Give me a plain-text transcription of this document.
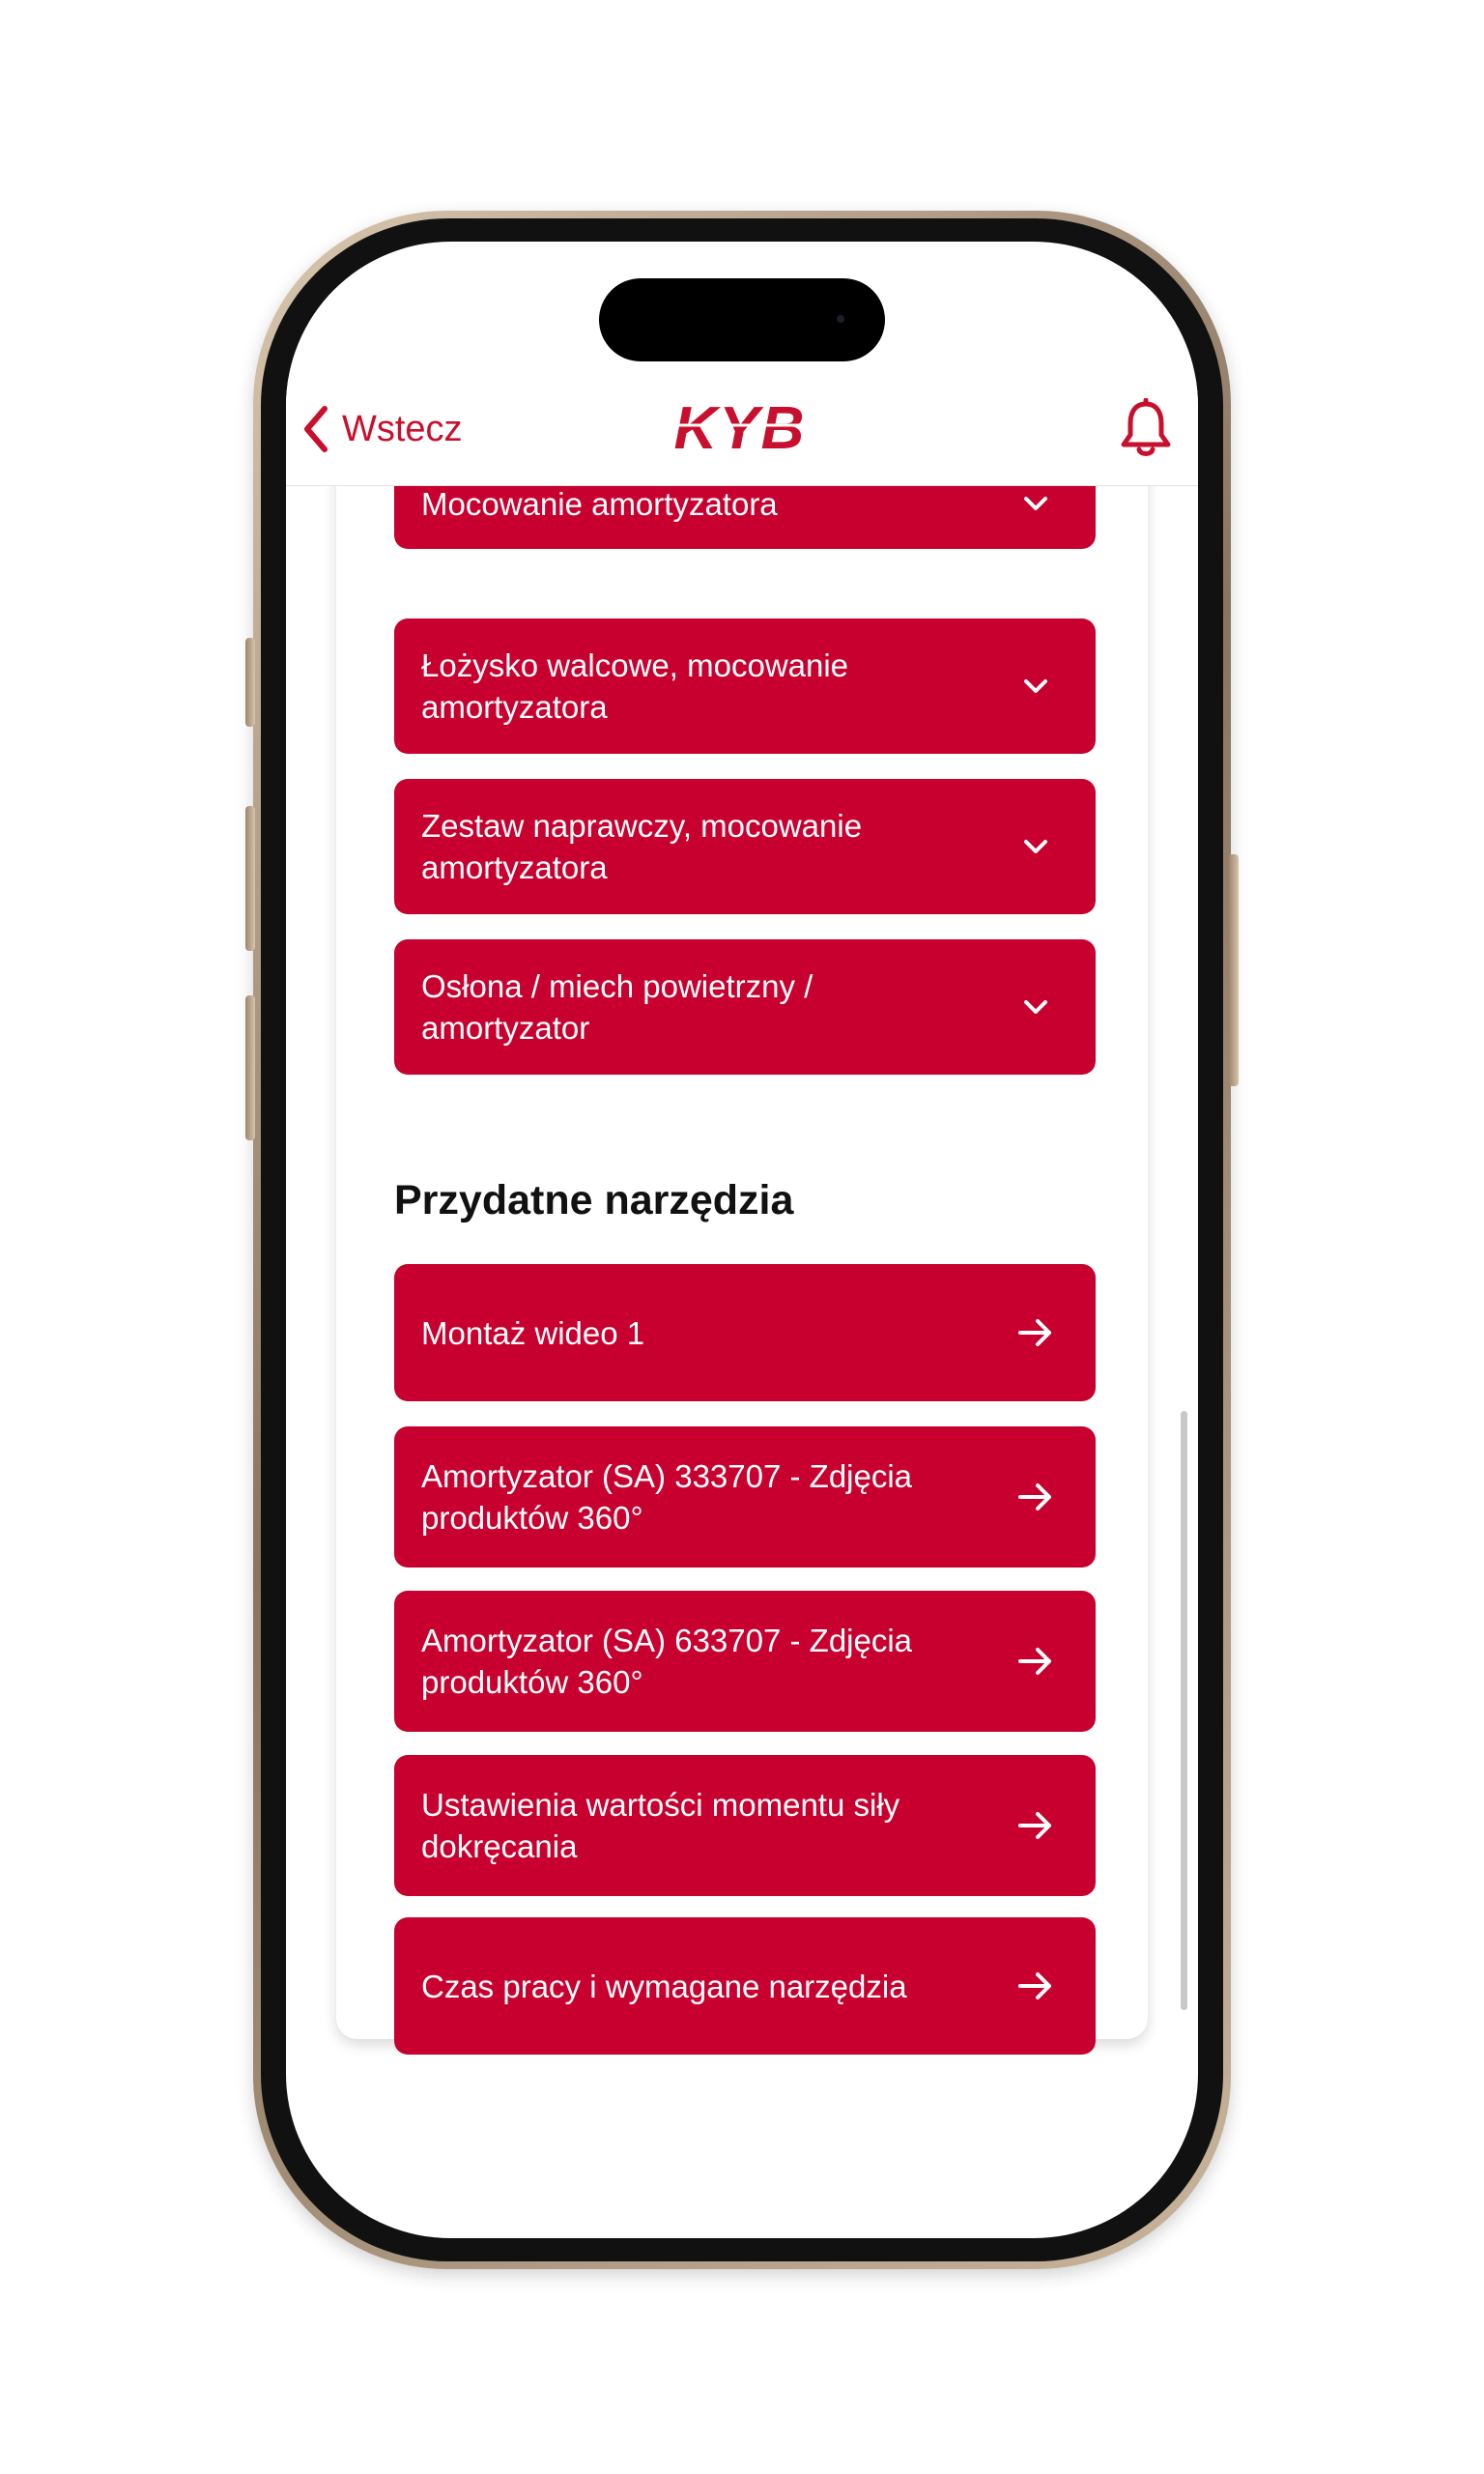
Mocowanie amortyzatora
Łożysko walcowe, mocowanie amortyzatora
Zestaw naprawczy, mocowanie amortyzatora
Osłona / miech powietrzny / amortyzator
Przydatne narzędzia
Montaż wideo 1
Amortyzator (SA) 333707 - Zdjęcia produktów 360°
Amortyzator (SA) 633707 - Zdjęcia produktów 360°
Ustawienia wartości momentu siły dokręcania
Czas pracy i wymagane narzędzia
Wstecz	KYB
